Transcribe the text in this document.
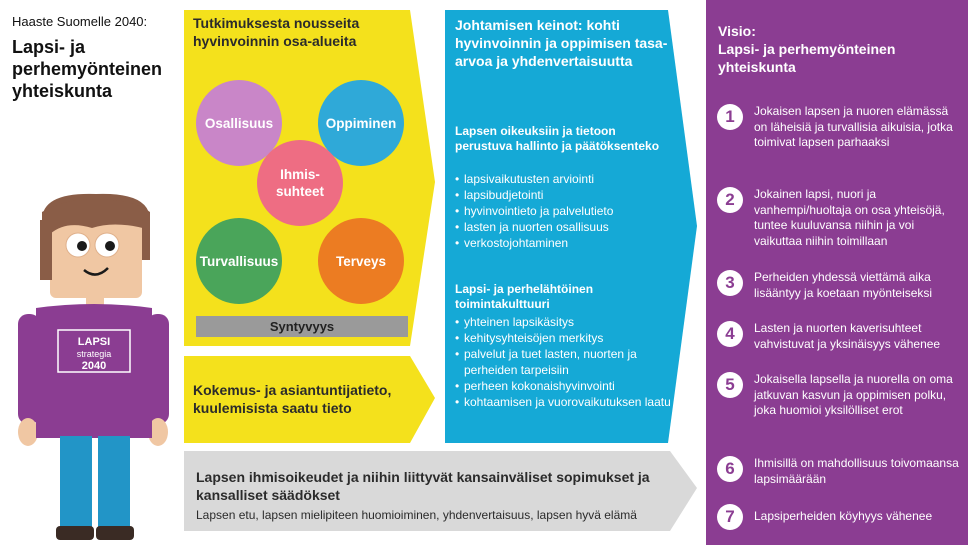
Haaste Suomelle 2040:
Lapsi- ja perhemyönteinen yhteiskunta
LAPSI
strategia
2040
Tutkimuksesta nousseita hyvinvoinnin osa-alueita
Osallisuus	Oppiminen
Ihmis-
suhteet
Turvallisuus	Terveys
Syntyvyys
Kokemus- ja asiantuntijatieto, kuulemisista saatu tieto
Johtamisen keinot: kohti hyvinvoinnin ja oppimisen tasa-arvoa ja yhdenvertaisuutta
Lapsen oikeuksiin ja tietoon perustuva hallinto ja päätöksenteko
• lapsivaikutusten arviointi
• lapsibudjetointi
• hyvinvointieto ja palvelutieto
• lasten ja nuorten osallisuus
• verkostojohtaminen
Lapsi- ja perhelähtöinen toimintakulttuuri
• yhteinen lapsikäsitys
• kehitysyhteisöjen merkitys
• palvelut ja tuet lasten, nuorten ja perheiden tarpeisiin
• perheen kokonaishyvinvointi
• kohtaamisen ja vuorovaikutuksen laatu
Lapsen ihmisoikeudet ja niihin liittyvät kansainväliset sopimukset ja kansalliset säädökset
Lapsen etu, lapsen mielipiteen huomioiminen, yhdenvertaisuus, lapsen hyvä elämä
Visio:
Lapsi- ja perhemyönteinen yhteiskunta
1	Jokaisen lapsen ja nuoren elämässä on läheisiä ja turvallisia aikuisia, jotka toimivat lapsen parhaaksi
2	Jokainen lapsi, nuori ja vanhempi/huoltaja on osa yhteisöjä, tuntee kuuluvansa niihin ja voi vaikuttaa niihin toimillaan
3	Perheiden yhdessä viettämä aika lisääntyy ja koetaan myönteiseksi
4	Lasten ja nuorten kaverisuhteet vahvistuvat ja yksinäisyys vähenee
5	Jokaisella lapsella ja nuorella on oma jatkuvan kasvun ja oppimisen polku, joka huomioi yksilölliset erot
6	Ihmisillä on mahdollisuus toivomaansa lapsimäärään
7	Lapsiperheiden köyhyys vähenee
